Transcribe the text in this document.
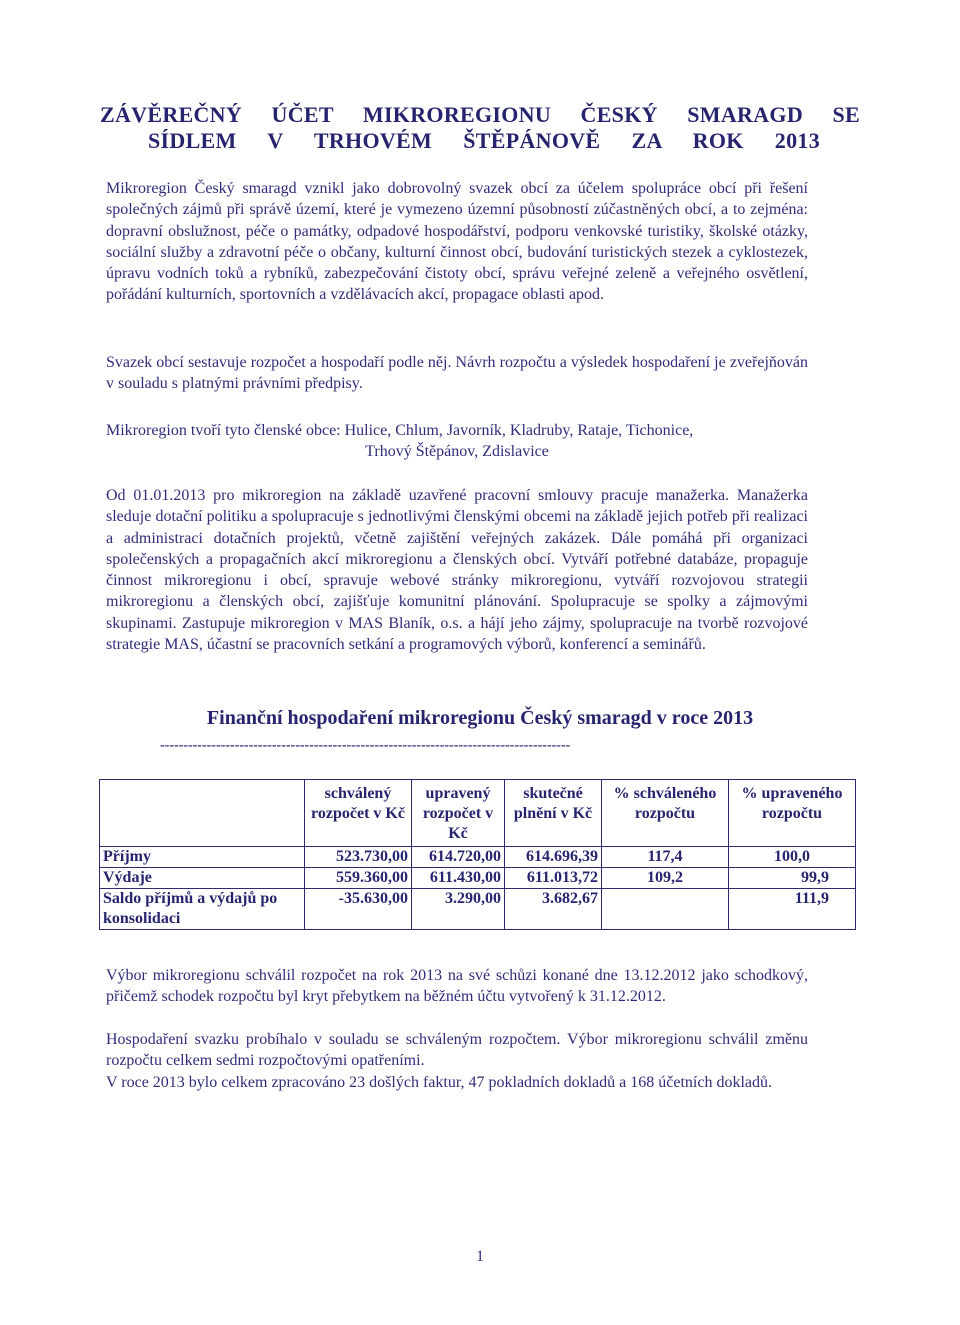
ZÁVĚREČNÝ ÚČET MIKROREGIONU ČESKÝ SMARAGD SE
SÍDLEM V TRHOVÉM ŠTĚPÁNOVĚ ZA ROK 2013
Mikroregion Český smaragd vznikl jako dobrovolný svazek obcí za účelem spolupráce obcí při řešení společných zájmů při správě území, které je vymezeno územní působností zúčastněných obcí, a to zejména: dopravní obslužnost, péče o památky, odpadové hospodářství, podporu venkovské turistiky, školské otázky, sociální služby a zdravotní péče o občany, kulturní činnost obcí, budování turistických stezek a cyklostezek, úpravu vodních toků a rybníků, zabezpečování čistoty obcí, správu veřejné zeleně a veřejného osvětlení, pořádání kulturních, sportovních a vzdělávacích akcí, propagace oblasti apod.
Svazek obcí sestavuje rozpočet a hospodaří podle něj. Návrh rozpočtu a výsledek hospodaření je zveřejňován v souladu s platnými právními předpisy.
Mikroregion tvoří tyto členské obce: Hulice, Chlum, Javorník, Kladruby, Rataje, Tichonice,
Trhový Štěpánov, Zdislavice
Od 01.01.2013 pro mikroregion na základě uzavřené pracovní smlouvy pracuje manažerka. Manažerka sleduje dotační politiku a spolupracuje s jednotlivými členskými obcemi na základě jejich potřeb při realizaci a administraci dotačních projektů, včetně zajištění veřejných zakázek. Dále pomáhá při organizaci společenských a propagačních akcí mikroregionu a členských obcí. Vytváří potřebné databáze, propaguje činnost mikroregionu i obcí, spravuje webové stránky mikroregionu, vytváří rozvojovou strategii mikroregionu a členských obcí, zajišťuje komunitní plánování. Spolupracuje se spolky a zájmovými skupinami. Zastupuje mikroregion v MAS Blaník, o.s. a hájí jeho zájmy, spolupracuje na tvorbě rozvojové strategie MAS, účastní se pracovních setkání a programových výborů, konferencí a seminářů.
Finanční hospodaření mikroregionu Český smaragd v roce 2013
----------------------------------------------------------------------------------------
	schválený rozpočet v Kč	upravený rozpočet v Kč	skutečné plnění v Kč	% schváleného rozpočtu	% upraveného rozpočtu
Příjmy	523.730,00	614.720,00	614.696,39	117,4	100,0
Výdaje	559.360,00	611.430,00	611.013,72	109,2	99,9
Saldo příjmů a výdajů po konsolidaci	-35.630,00	3.290,00	3.682,67		111,9
Výbor mikroregionu schválil rozpočet na rok 2013 na své schůzi konané dne 13.12.2012 jako schodkový, přičemž schodek rozpočtu byl kryt přebytkem na běžném účtu vytvořený k 31.12.2012.
Hospodaření svazku probíhalo v souladu se schváleným rozpočtem. Výbor mikroregionu schválil změnu rozpočtu celkem sedmi rozpočtovými opatřeními.
V roce 2013 bylo celkem zpracováno 23 došlých faktur, 47 pokladních dokladů a 168 účetních dokladů.
1
